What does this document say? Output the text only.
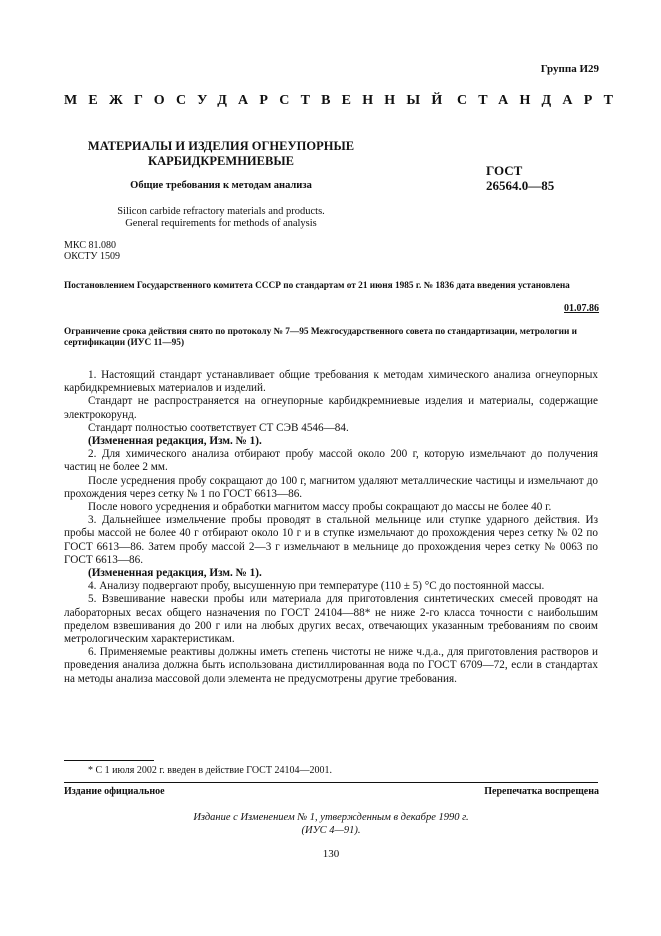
Группа И29
МЕЖГОСУДАРСТВЕННЫЙ СТАНДАРТ
МАТЕРИАЛЫ И ИЗДЕЛИЯ ОГНЕУПОРНЫЕ
КАРБИДКРЕМНИЕВЫЕ
Общие требования к методам анализа
Silicon carbide refractory materials and products.
General requirements for methods of analysis
ГОСТ
26564.0—85
МКС 81.080
ОКСТУ 1509
Постановлением Государственного комитета СССР по стандартам от 21 июня 1985 г. № 1836 дата введения установлена
01.07.86
Ограничение срока действия снято по протоколу № 7—95 Межгосударственного совета по стандартизации, метрологии и сертификации (ИУС 11—95)

1. Настоящий стандарт устанавливает общие требования к методам химического анализа огнеупорных карбидкремниевых материалов и изделий.

Стандарт не распространяется на огнеупорные карбидкремниевые изделия и материалы, содержащие электрокорунд.

Стандарт полностью соответствует СТ СЭВ 4546—84.

(Измененная редакция, Изм. № 1).

2. Для химического анализа отбирают пробу массой около 200 г, которую измельчают до получения частиц не более 2 мм.

После усреднения пробу сокращают до 100 г, магнитом удаляют металлические частицы и измельчают до прохождения через сетку № 1 по ГОСТ 6613—86.

После нового усреднения и обработки магнитом массу пробы сокращают до массы не более 40 г.

3. Дальнейшее измельчение пробы проводят в стальной мельнице или ступке ударного действия. Из пробы массой не более 40 г отбирают около 10 г и в ступке измельчают до прохождения через сетку № 02 по ГОСТ 6613—86. Затем пробу массой 2—3 г измельчают в мельнице до прохождения через сетку № 0063 по ГОСТ 6613—86.

(Измененная редакция, Изм. № 1).

4. Анализу подвергают пробу, высушенную при температуре (110 ± 5) °С до постоянной массы.

5. Взвешивание навески пробы или материала для приготовления синтетических смесей проводят на лабораторных весах общего назначения по ГОСТ 24104—88* не ниже 2-го класса точности с наибольшим пределом взвешивания до 200 г или на любых других весах, отвечающих указанным требованиям по своим метрологическим характеристикам.

6. Применяемые реактивы должны иметь степень чистоты не ниже ч.д.а., для приготовления растворов и проведения анализа должна быть использована дистиллированная вода по ГОСТ 6709—72, если в стандартах на методы анализа массовой доли элемента не предусмотрены другие требования.

* С 1 июля 2002 г. введен в действие ГОСТ 24104—2001.
Издание официальное	Перепечатка воспрещена
Издание с Изменением № 1, утвержденным в декабре 1990 г.
(ИУС 4—91).
130
